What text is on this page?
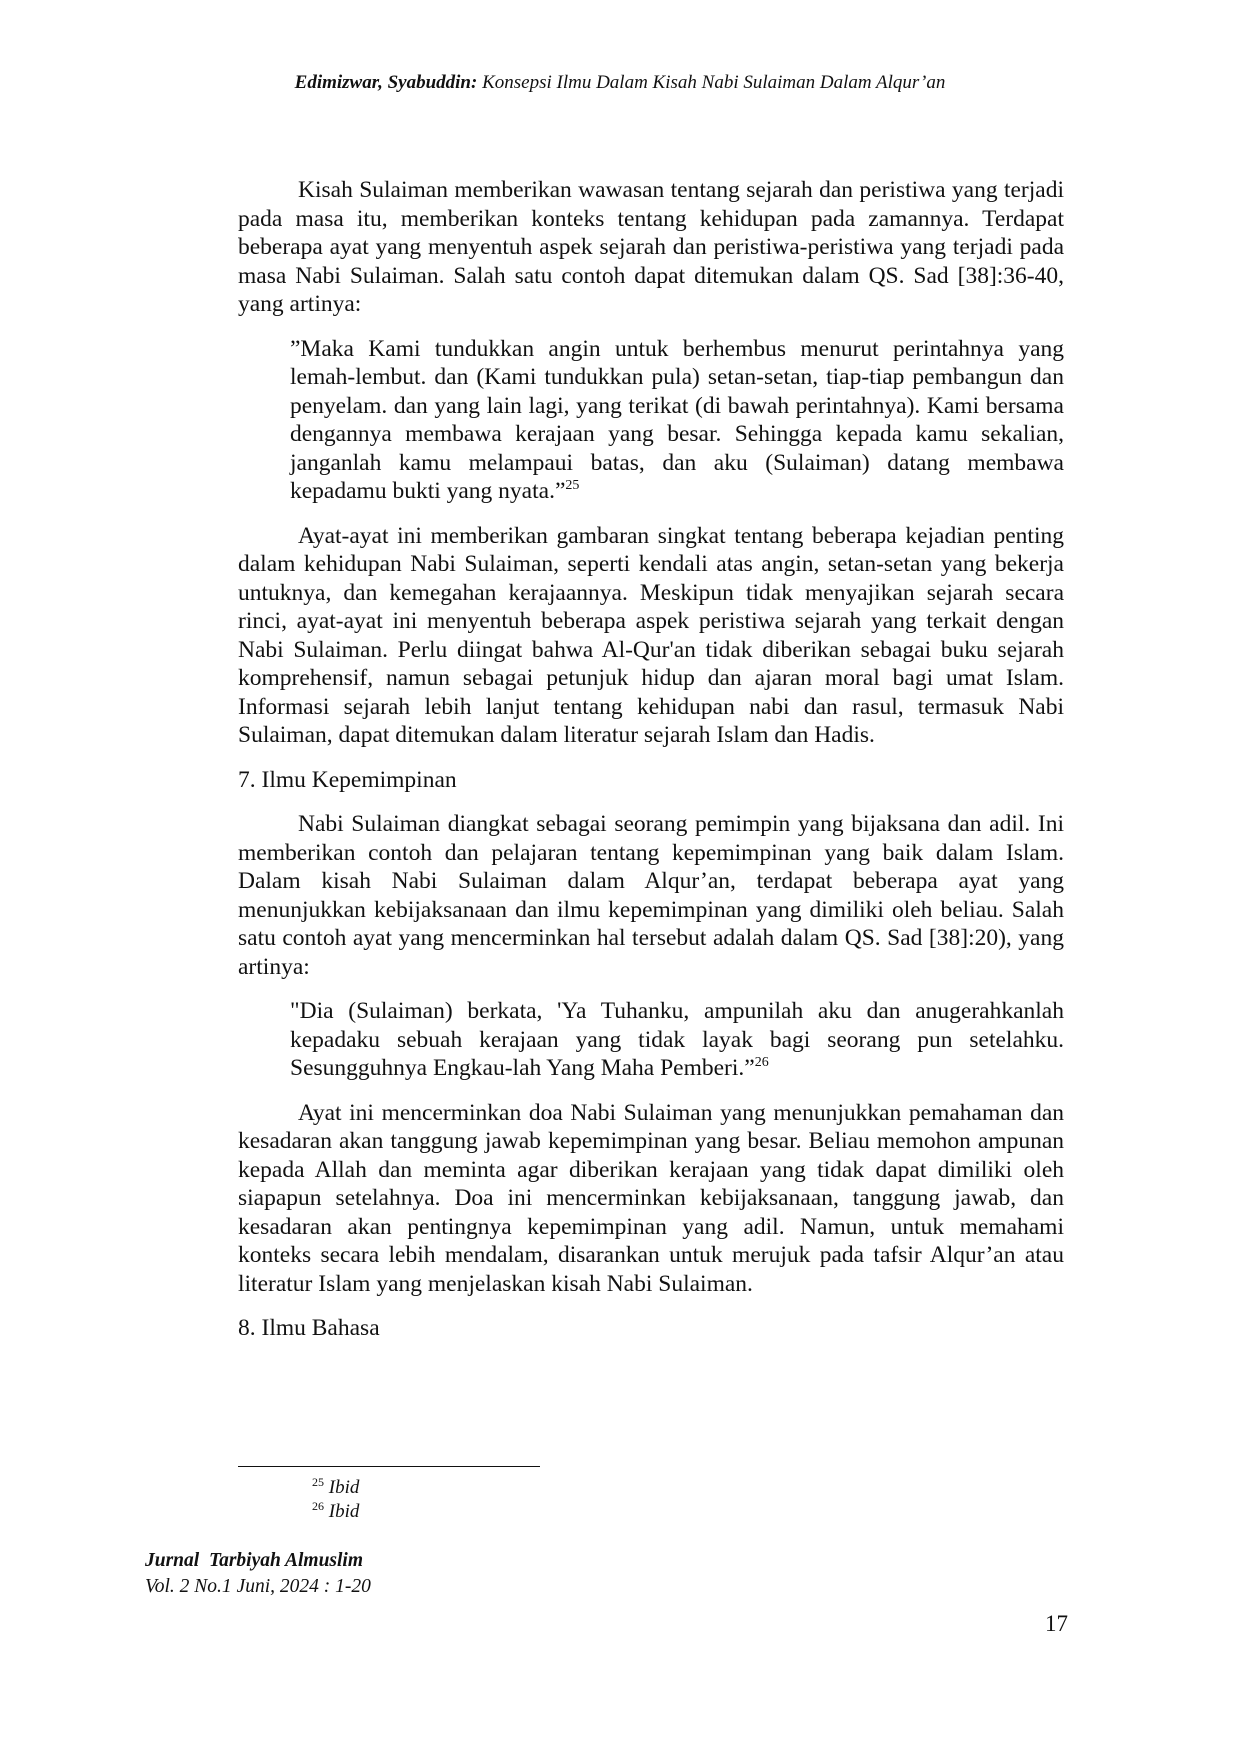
Edimizwar, Syabuddin: Konsepsi Ilmu Dalam Kisah Nabi Sulaiman Dalam Alqur’an

Kisah Sulaiman memberikan wawasan tentang sejarah dan peristiwa yang terjadi pada masa itu, memberikan konteks tentang kehidupan pada zamannya. Terdapat beberapa ayat yang menyentuh aspek sejarah dan peristiwa-peristiwa yang terjadi pada masa Nabi Sulaiman. Salah satu contoh dapat ditemukan dalam QS. Sad [38]:36-40, yang artinya:

”Maka Kami tundukkan angin untuk berhembus menurut perintahnya yang lemah-lembut. dan (Kami tundukkan pula) setan-setan, tiap-tiap pembangun dan penyelam. dan yang lain lagi, yang terikat (di bawah perintahnya). Kami bersama dengannya membawa kerajaan yang besar. Sehingga kepada kamu sekalian, janganlah kamu melampaui batas, dan aku (Sulaiman) datang membawa kepadamu bukti yang nyata.”$^{25}$

Ayat-ayat ini memberikan gambaran singkat tentang beberapa kejadian penting dalam kehidupan Nabi Sulaiman, seperti kendali atas angin, setan-setan yang bekerja untuknya, dan kemegahan kerajaannya. Meskipun tidak menyajikan sejarah secara rinci, ayat-ayat ini menyentuh beberapa aspek peristiwa sejarah yang terkait dengan Nabi Sulaiman. Perlu diingat bahwa Al-Qur'an tidak diberikan sebagai buku sejarah komprehensif, namun sebagai petunjuk hidup dan ajaran moral bagi umat Islam. Informasi sejarah lebih lanjut tentang kehidupan nabi dan rasul, termasuk Nabi Sulaiman, dapat ditemukan dalam literatur sejarah Islam dan Hadis.

7. Ilmu Kepemimpinan

Nabi Sulaiman diangkat sebagai seorang pemimpin yang bijaksana dan adil. Ini memberikan contoh dan pelajaran tentang kepemimpinan yang baik dalam Islam. Dalam kisah Nabi Sulaiman dalam Alqur’an, terdapat beberapa ayat yang menunjukkan kebijaksanaan dan ilmu kepemimpinan yang dimiliki oleh beliau. Salah satu contoh ayat yang mencerminkan hal tersebut adalah dalam QS. Sad [38]:20), yang artinya:

"Dia (Sulaiman) berkata, 'Ya Tuhanku, ampunilah aku dan anugerahkanlah kepadaku sebuah kerajaan yang tidak layak bagi seorang pun setelahku. Sesungguhnya Engkau-lah Yang Maha Pemberi.”$^{26}$

Ayat ini mencerminkan doa Nabi Sulaiman yang menunjukkan pemahaman dan kesadaran akan tanggung jawab kepemimpinan yang besar. Beliau memohon ampunan kepada Allah dan meminta agar diberikan kerajaan yang tidak dapat dimiliki oleh siapapun setelahnya. Doa ini mencerminkan kebijaksanaan, tanggung jawab, dan kesadaran akan pentingnya kepemimpinan yang adil. Namun, untuk memahami konteks secara lebih mendalam, disarankan untuk merujuk pada tafsir Alqur’an atau literatur Islam yang menjelaskan kisah Nabi Sulaiman.

8. Ilmu Bahasa

$^{25}$ Ibid
$^{26}$ Ibid
Jurnal  Tarbiyah Almuslim
Vol. 2 No.1 Juni, 2024 : 1-20
17
